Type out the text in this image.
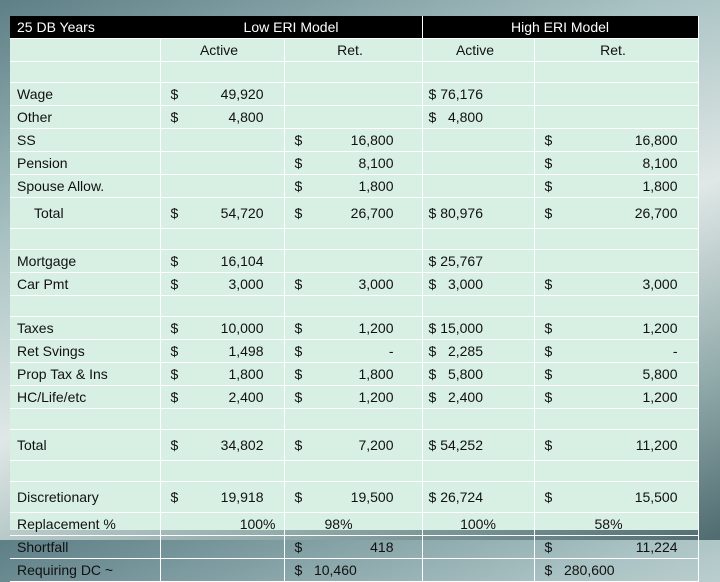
25 DB Years	Low ERI Model		High ERI Model	
	Active	Ret.	Active	Ret.

Wage	$ 49,920		$ 76,176	
Other	$ 4,800		$ 4,800	
SS		$ 16,800		$ 16,800

Pension		$ 8,100		$ 8,100

Spouse Allow.		$ 1,800		$ 1,800

Total	$ 54,720	$ 26,700	$ 80,976	$ 26,700

Mortgage	$ 16,104		$ 25,767	
Car Pmt	$ 3,000	$ 3,000	$ 3,000	$ 3,000

Taxes	$ 10,000	$ 1,200	$ 15,000	$ 1,200

Ret Svings	$ 1,498	$ -	$ 2,285	$ -

Prop Tax & Ins	$ 1,800	$ 1,800	$ 5,800	$ 5,800

HC/Life/etc	$ 2,400	$ 1,200	$ 2,400	$ 1,200

Total	$ 34,802	$ 7,200	$ 54,252	$ 11,200

Discretionary	$ 19,918	$ 19,500	$ 26,724	$ 15,500

Replacement %	100%	98%	100%	58%
Shortfall		$ 418		$ 11,224

Requiring DC ~		$ 10,460		$ 280,600
